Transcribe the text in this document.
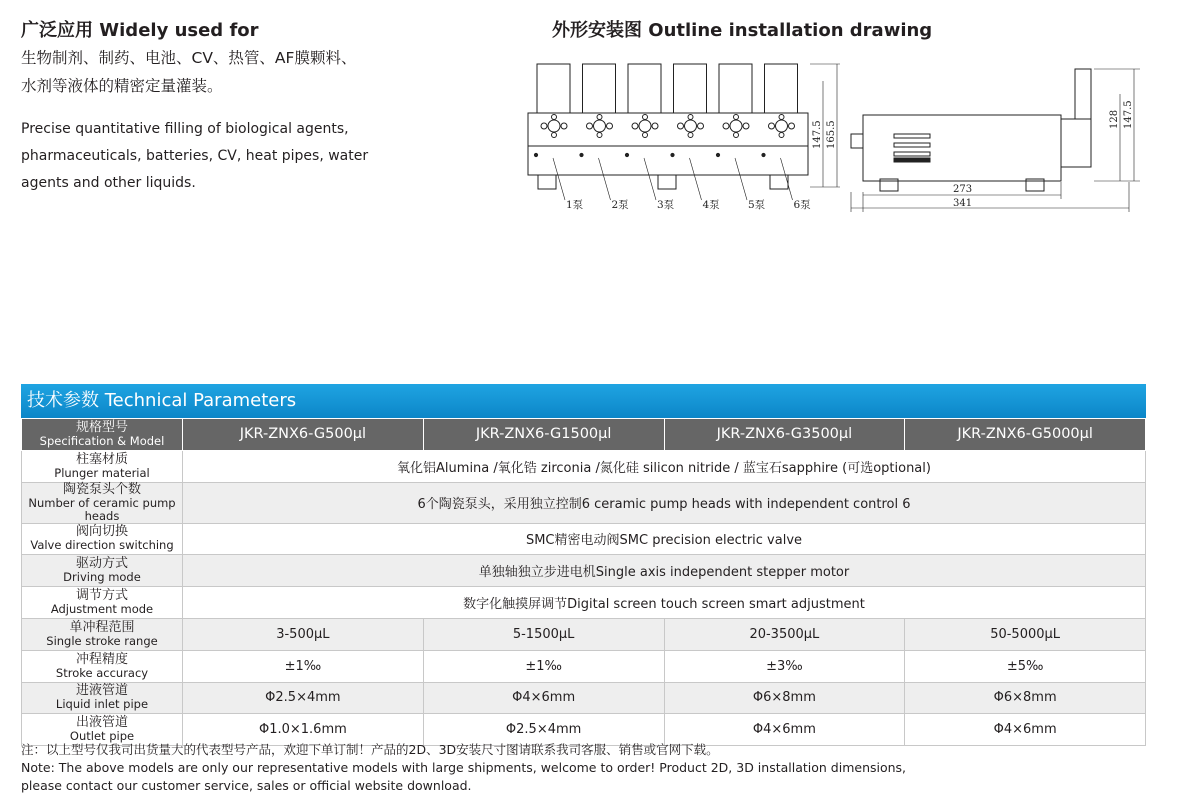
广泛应用 Widely used for
生物制剂、制药、电池、CV、热管、AF膜颗料、水剂等液体的精密定量灌装。
Precise quantitative filling of biological agents, pharmaceuticals, batteries, CV, heat pipes, water agents and other liquids.
外形安装图 Outline installation drawing
147.5 165.5
1泵	2泵	3泵	4泵	5泵	6泵
128 147.5
273
341
技术参数 Technical Parameters
规格型号
Specification & Model	JKR-ZNX6-G500μl	JKR-ZNX6-G1500μl	JKR-ZNX6-G3500μl	JKR-ZNX6-G5000μl

柱塞材质
Plunger material	氧化铝Alumina /氧化锆 zirconia /氮化硅 silicon nitride / 蓝宝石sapphire (可选optional)			

陶瓷泵头个数
Number of ceramic pump heads	6个陶瓷泵头，采用独立控制6 ceramic pump heads with independent control 6			

阀向切换
Valve direction switching	SMC精密电动阀SMC precision electric valve			

驱动方式
Driving mode	单独轴独立步进电机Single axis independent stepper motor			

调节方式
Adjustment mode	数字化触摸屏调节Digital screen touch screen smart adjustment			

单冲程范围
Single stroke range	3-500μL	5-1500μL	20-3500μL	50-5000μL

冲程精度
Stroke accuracy	±1‰	±1‰	±3‰	±5‰

进液管道
Liquid inlet pipe	Φ2.5×4mm	Φ4×6mm	Φ6×8mm	Φ6×8mm

出液管道
Outlet pipe	Φ1.0×1.6mm	Φ2.5×4mm	Φ4×6mm	Φ4×6mm
注：以上型号仅我司出货量大的代表型号产品，欢迎下单订制！产品的2D、3D安装尺寸图请联系我司客服、销售或官网下载。
Note: The above models are only our representative models with large shipments, welcome to order! Product 2D, 3D installation dimensions,
please contact our customer service, sales or official website download.
